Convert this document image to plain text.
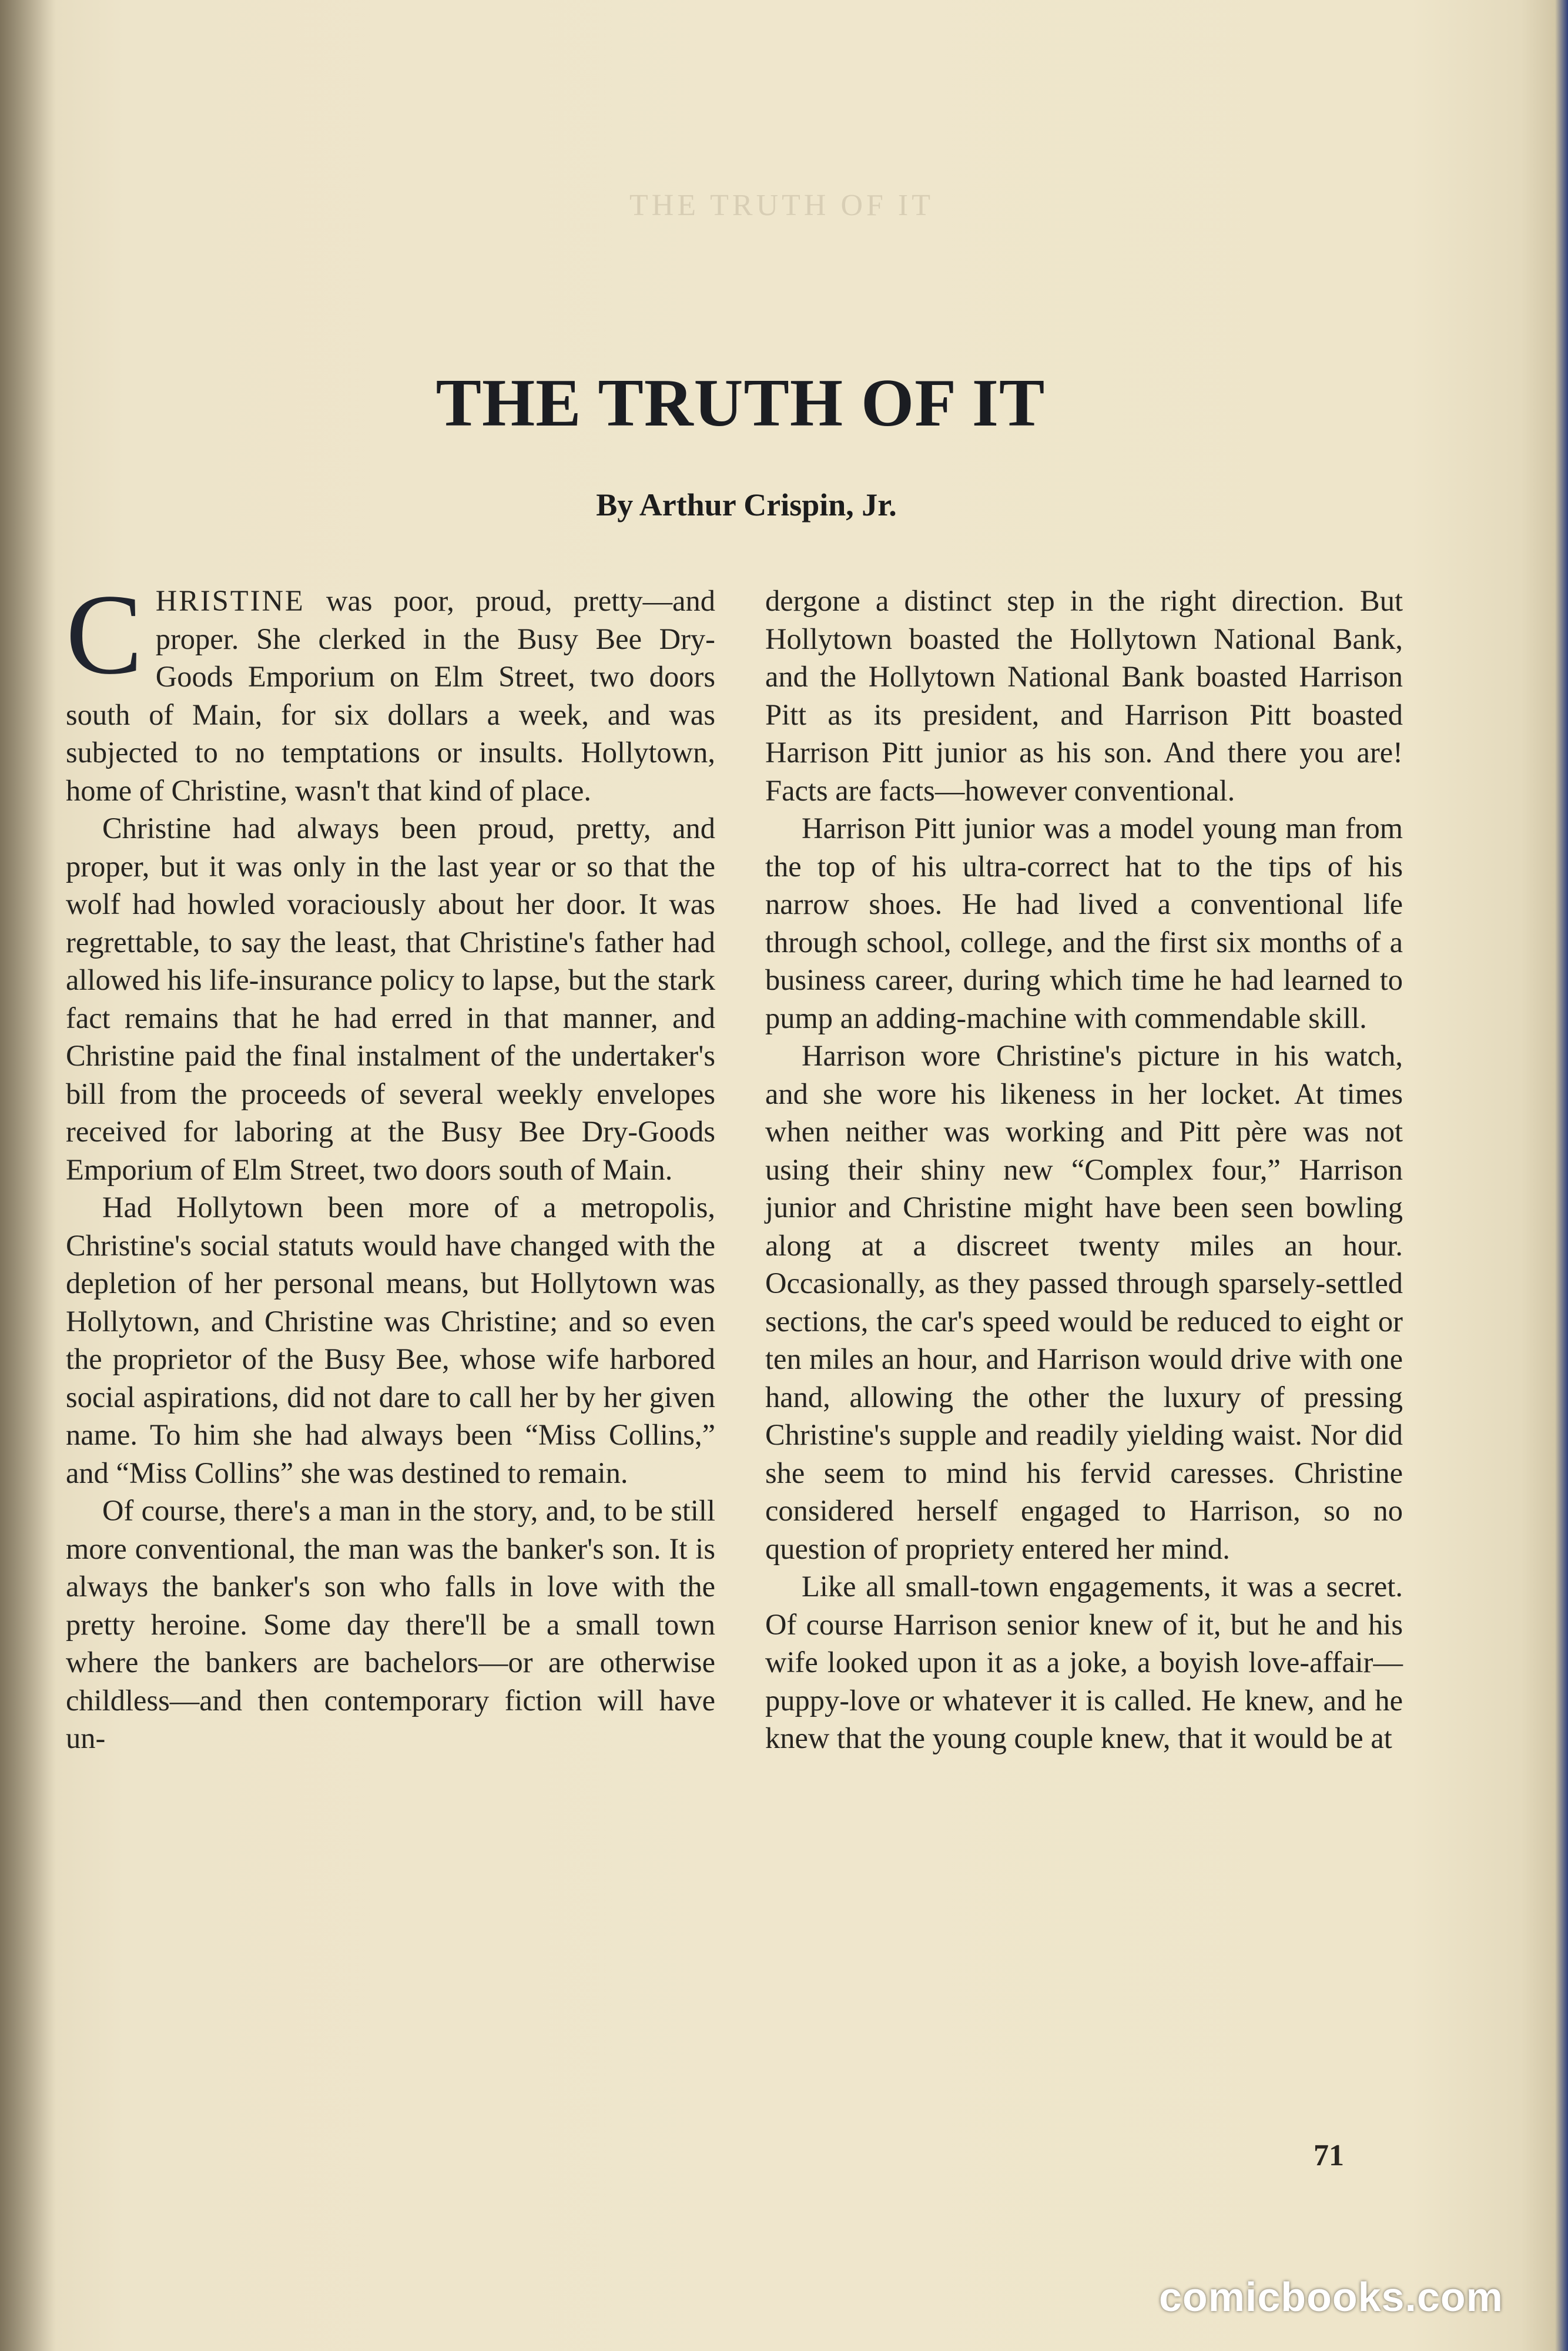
THE TRUTH OF IT
THE TRUTH OF IT
By Arthur Crispin, Jr.

CHRISTINE was poor, proud, pretty—and proper. She clerked in the Busy Bee Dry-Goods Emporium on Elm Street, two doors south of Main, for six dollars a week, and was subjected to no temptations or insults. Hollytown, home of Christine, wasn't that kind of place.

Christine had always been proud, pretty, and proper, but it was only in the last year or so that the wolf had howled voraciously about her door. It was regrettable, to say the least, that Christine's father had allowed his life-insurance policy to lapse, but the stark fact remains that he had erred in that manner, and Christine paid the final instalment of the undertaker's bill from the proceeds of several weekly envelopes received for laboring at the Busy Bee Dry-Goods Emporium of Elm Street, two doors south of Main.

Had Hollytown been more of a metropolis, Christine's social statuts would have changed with the depletion of her personal means, but Hollytown was Hollytown, and Christine was Christine; and so even the proprietor of the Busy Bee, whose wife harbored social aspirations, did not dare to call her by her given name. To him she had always been “Miss Collins,” and “Miss Collins” she was destined to remain.

Of course, there's a man in the story, and, to be still more conventional, the man was the banker's son. It is always the banker's son who falls in love with the pretty heroine. Some day there'll be a small town where the bankers are bachelors—or are otherwise childless—and then contemporary fiction will have un-

dergone a distinct step in the right direction. But Hollytown boasted the Hollytown National Bank, and the Hollytown National Bank boasted Harrison Pitt as its president, and Harrison Pitt boasted Harrison Pitt junior as his son. And there you are! Facts are facts—however conventional.

Harrison Pitt junior was a model young man from the top of his ultra-correct hat to the tips of his narrow shoes. He had lived a conventional life through school, college, and the first six months of a business career, during which time he had learned to pump an adding-machine with commendable skill.

Harrison wore Christine's picture in his watch, and she wore his likeness in her locket. At times when neither was working and Pitt père was not using their shiny new “Complex four,” Harrison junior and Christine might have been seen bowling along at a discreet twenty miles an hour. Occasionally, as they passed through sparsely-settled sections, the car's speed would be reduced to eight or ten miles an hour, and Harrison would drive with one hand, allowing the other the luxury of pressing Christine's supple and readily yielding waist. Nor did she seem to mind his fervid caresses. Christine considered herself engaged to Harrison, so no question of propriety entered her mind.

Like all small-town engagements, it was a secret. Of course Harrison senior knew of it, but he and his wife looked upon it as a joke, a boyish love-affair—puppy-love or whatever it is called. He knew, and he knew that the young couple knew, that it would be at

71
comicbooks.com
